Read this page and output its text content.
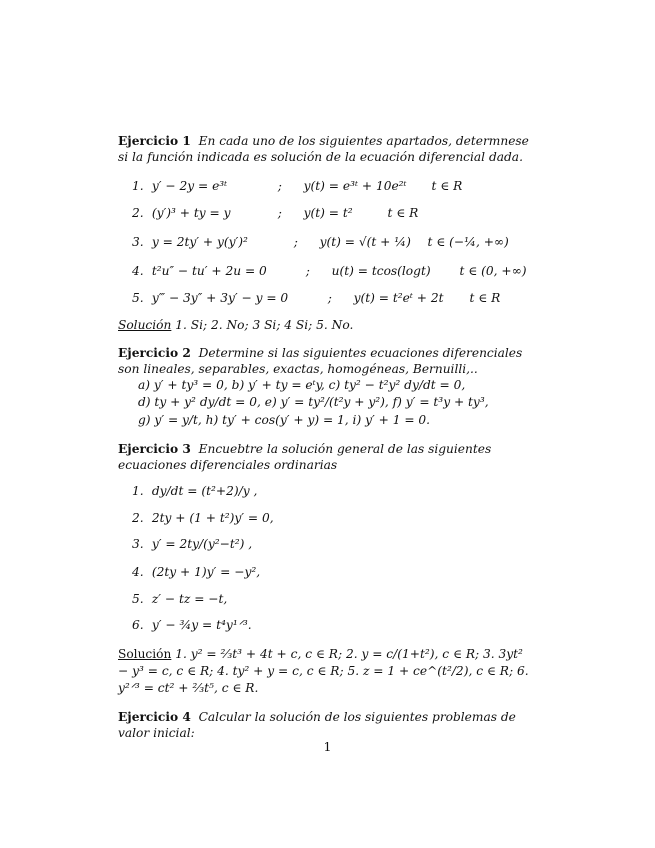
Ejercicio 1 En cada uno de los siguientes apartados, determnese si la función indicada es solución de la ecuación diferencial dada.
1. y′ − 2y = e³ᵗ	; y(t) = e³ᵗ + 10e²ᵗ t ∈ R
2. (y′)³ + ty = y	; y(t) = t²	t ∈ R
3. y = 2ty′ + y(y′)²	; y(t) = √(t + ¼) t ∈ (−¼, +∞)
4. t²u″ − tu′ + 2u = 0	; u(t) = tcos(logt) t ∈ (0, +∞)
5. y‴ − 3y″ + 3y′ − y = 0	; y(t) = t²eᵗ + 2t t ∈ R
Solución 1. Si; 2. No; 3 Si; 4 Si; 5. No.
Ejercicio 2 Determine si las siguientes ecuaciones diferenciales son lineales, separables, exactas, homogéneas, Bernuilli,..
a) y′ + ty³ = 0, b) y′ + ty = eᵗy, c) ty² − t²y² dy/dt = 0,
d) ty + y² dy/dt = 0, e) y′ = ty²/(t²y + y²), f) y′ = t³y + ty³,
g) y′ = y/t, h) ty′ + cos(y′ + y) = 1, i) y′ + 1 = 0.
Ejercicio 3 Encuebtre la solución general de las siguientes ecuaciones diferenciales ordinarias
1. dy/dt = (t²+2)/y ,
2. 2ty + (1 + t²)y′ = 0,
3. y′ = 2ty/(y²−t²) ,
4. (2ty + 1)y′ = −y²,
5. z′ − tz = −t,
6. y′ − ¾y = t⁴y¹ᐟ³.
Solución 1. y² = ⅔t³ + 4t + c, c ∈ R; 2. y = c/(1+t²), c ∈ R; 3. 3yt² − y³ = c, c ∈ R; 4. ty² + y = c, c ∈ R; 5. z = 1 + ce^(t²/2), c ∈ R; 6. y²ᐟ³ = ct² + ⅔t⁵, c ∈ R.
Ejercicio 4 Calcular la solución de los siguientes problemas de valor inicial:
1
